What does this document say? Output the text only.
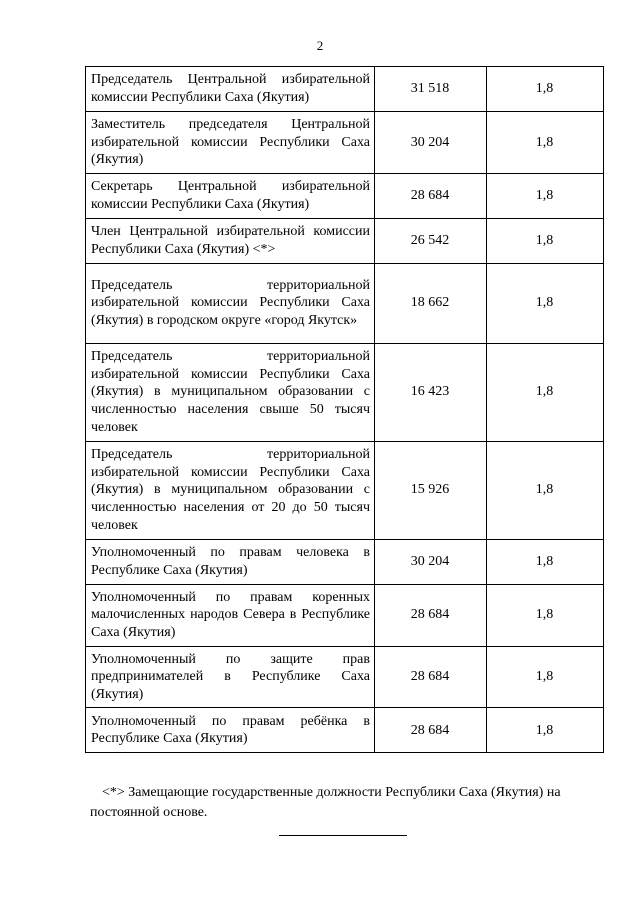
2
Председатель Центральной избирательной комиссии Республики Саха (Якутия)	31 518	1,8
Заместитель председателя Центральной избирательной комиссии Республики Саха (Якутия)	30 204	1,8
Секретарь Центральной избирательной комиссии Республики Саха (Якутия)	28 684	1,8
Член Центральной избирательной комиссии Республики Саха (Якутия) <*>	26 542	1,8
Председатель территориальной избирательной комиссии Республики Саха (Якутия) в городском округе «город Якутск»	18 662	1,8
Председатель территориальной избирательной комиссии Республики Саха (Якутия) в муниципальном образовании с численностью населения свыше 50 тысяч человек	16 423	1,8
Председатель территориальной избирательной комиссии Республики Саха (Якутия) в муниципальном образовании с численностью населения от 20 до 50 тысяч человек	15 926	1,8
Уполномоченный по правам человека в Республике Саха (Якутия)	30 204	1,8
Уполномоченный по правам коренных малочисленных народов Севера в Республике Саха (Якутия)	28 684	1,8
Уполномоченный по защите прав предпринимателей в Республике Саха (Якутия)	28 684	1,8
Уполномоченный по правам ребёнка в Республике Саха (Якутия)	28 684	1,8
<*> Замещающие государственные должности Республики Саха (Якутия) на постоянной основе.
